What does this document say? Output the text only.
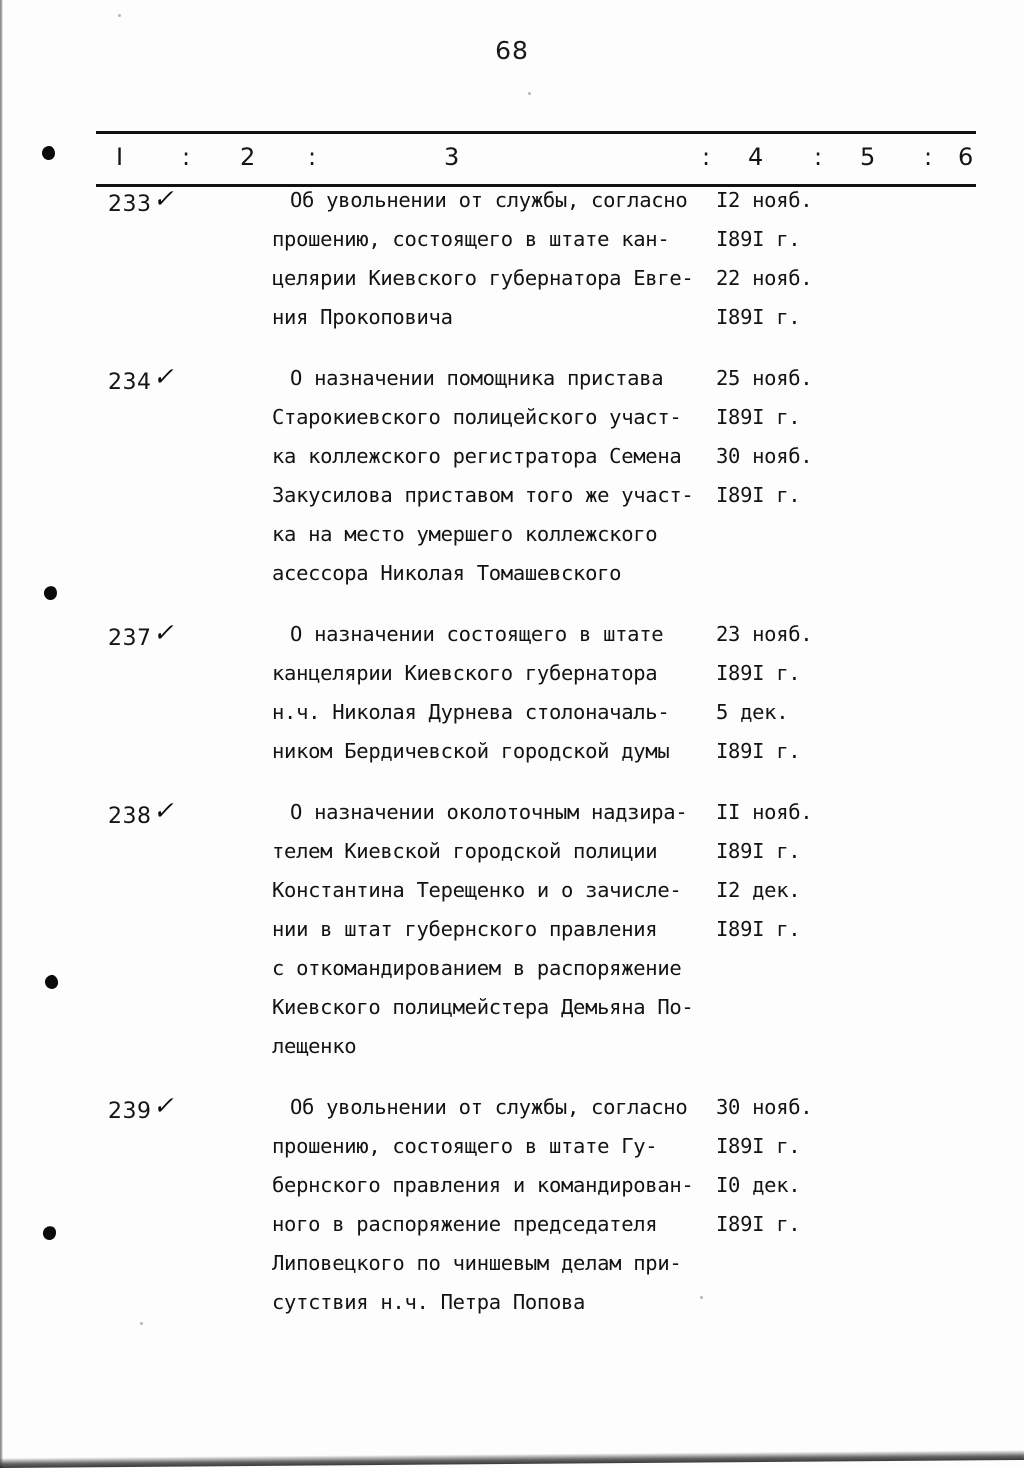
68
I : 2 :	3	: 4 : 5 : 6
233✓	Об увольнении от службы, согласно I2 нояб.
прошению, состоящего в штате кан- I89I г.
целярии Киевского губернатора Евге- 22 нояб.
ния Прокоповича	I89I г.
234✓	О назначении помощника пристава	25 нояб.
Старокиевского полицейского участ- I89I г.
ка коллежского регистратора Семена 30 нояб.
Закусилова приставом того же участ- I89I г.
ка на место умершего коллежского
асессора Николая Томашевского
237✓	О назначении состоящего в штате	23 нояб.
канцелярии Киевского губернатора	I89I г.
н.ч. Николая Дурнева столоначаль- 5 дек.
ником Бердичевской городской думы I89I г.
238✓	О назначении околоточным надзира- II нояб.
телем Киевской городской полиции	I89I г.
Константина Терещенко и о зачисле- I2 дек.
нии в штат губернского правления	I89I г.
с откомандированием в распоряжение
Киевского полицмейстера Демьяна По-
лещенко
239✓	Об увольнении от службы, согласно 30 нояб.
прошению, состоящего в штате Гу-	I89I г.
бернского правления и командирован- I0 дек.
ного в распоряжение председателя	I89I г.
Липовецкого по чиншевым делам при-
сутствия н.ч. Петра Попова
